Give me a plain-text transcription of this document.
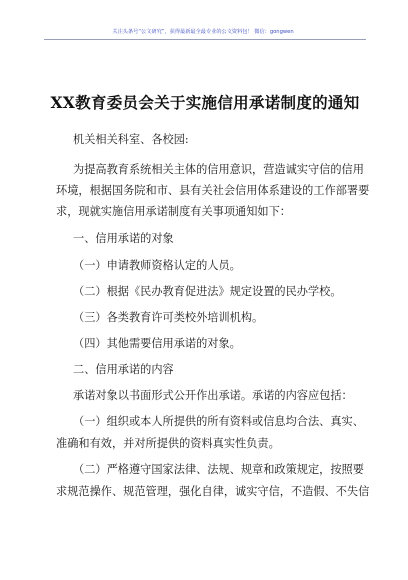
关注头条号“公文研究”，获得最新最全最专业的公文资料包！ 微信：gongwen
XX教育委员会关于实施信用承诺制度的通知
机关相关科室、各校园:
为提高教育系统相关主体的信用意识，营造诚实守信的信用
环境，根据国务院和市、县有关社会信用体系建设的工作部署要
求，现就实施信用承诺制度有关事项通知如下：
一、信用承诺的对象
（一）申请教师资格认定的人员。
（二）根据《民办教育促进法》规定设置的民办学校。
（三）各类教育许可类校外培训机构。
（四）其他需要信用承诺的对象。
二、信用承诺的内容
承诺对象以书面形式公开作出承诺。承诺的内容应包括：
（一）组织或本人所提供的所有资料或信息均合法、真实、
准确和有效，并对所提供的资料真实性负责。
（二）严格遵守国家法律、法规、规章和政策规定，按照要
求规范操作、规范管理，强化自律，诚实守信，不造假、不失信
